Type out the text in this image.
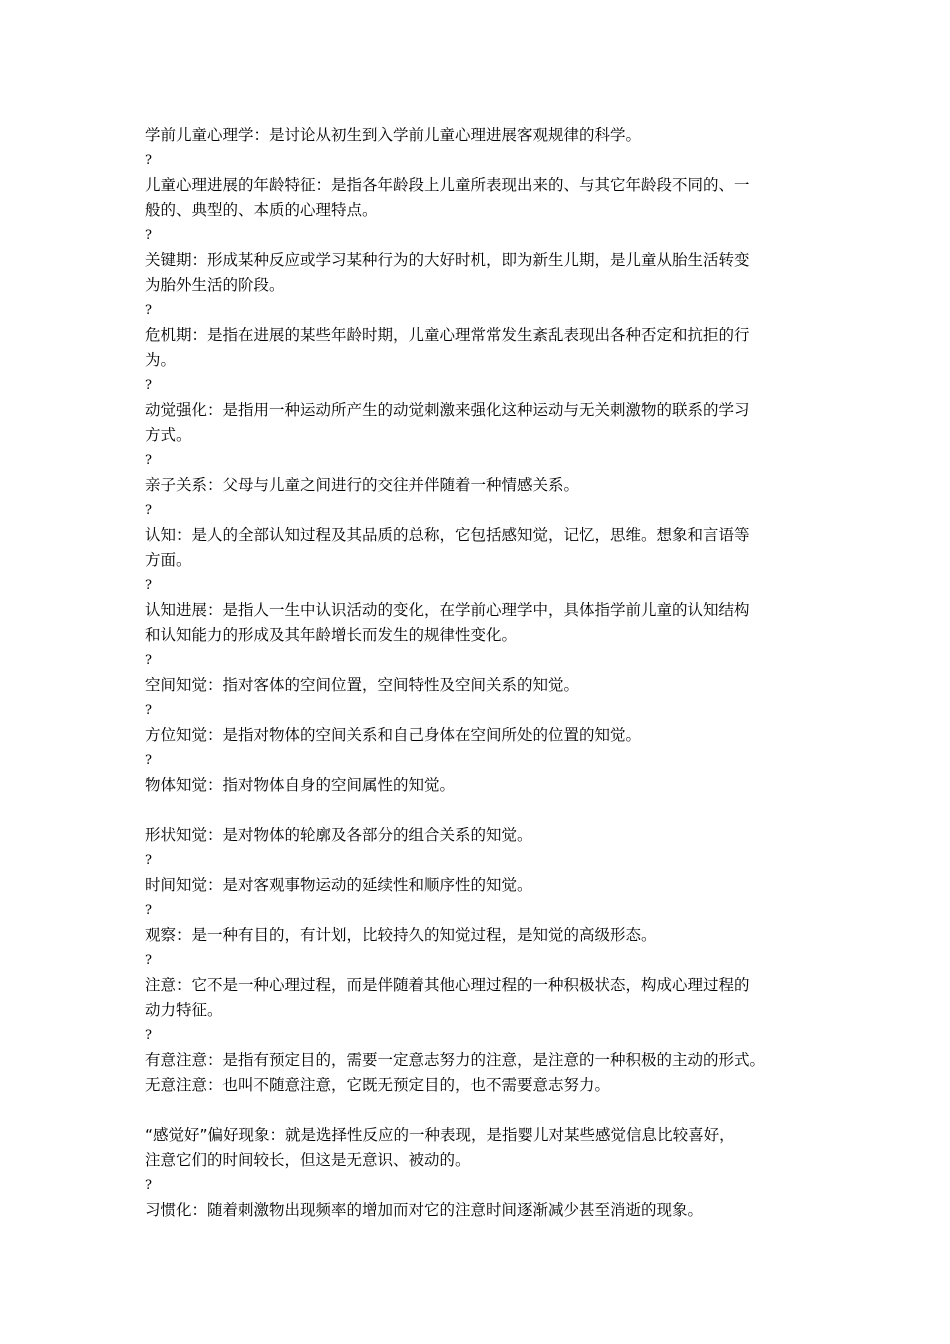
学前儿童心理学：是讨论从初生到入学前儿童心理进展客观规律的科学。
?
儿童心理进展的年龄特征：是指各年龄段上儿童所表现出来的、与其它年龄段不同的、一
般的、典型的、本质的心理特点。
?
关键期：形成某种反应或学习某种行为的大好时机，即为新生儿期，是儿童从胎生活转变
为胎外生活的阶段。
?
危机期：是指在进展的某些年龄时期，儿童心理常常发生紊乱表现出各种否定和抗拒的行
为。
?
动觉强化：是指用一种运动所产生的动觉刺激来强化这种运动与无关刺激物的联系的学习
方式。
?
亲子关系：父母与儿童之间进行的交往并伴随着一种情感关系。
?
认知：是人的全部认知过程及其品质的总称，它包括感知觉，记忆，思维。想象和言语等
方面。
?
认知进展：是指人一生中认识活动的变化，在学前心理学中，具体指学前儿童的认知结构
和认知能力的形成及其年龄增长而发生的规律性变化。
?
空间知觉：指对客体的空间位置，空间特性及空间关系的知觉。
?
方位知觉：是指对物体的空间关系和自己身体在空间所处的位置的知觉。
?
物体知觉：指对物体自身的空间属性的知觉。
形状知觉：是对物体的轮廓及各部分的组合关系的知觉。
?
时间知觉：是对客观事物运动的延续性和顺序性的知觉。
?
观察：是一种有目的，有计划，比较持久的知觉过程，是知觉的高级形态。
?
注意：它不是一种心理过程，而是伴随着其他心理过程的一种积极状态，构成心理过程的
动力特征。
?
有意注意：是指有预定目的，需要一定意志努力的注意，是注意的一种积极的主动的形式。
无意注意：也叫不随意注意，它既无预定目的，也不需要意志努力。
“感觉好”偏好现象：就是选择性反应的一种表现，是指婴儿对某些感觉信息比较喜好，
注意它们的时间较长，但这是无意识、被动的。
?
习惯化：随着刺激物出现频率的增加而对它的注意时间逐渐减少甚至消逝的现象。
